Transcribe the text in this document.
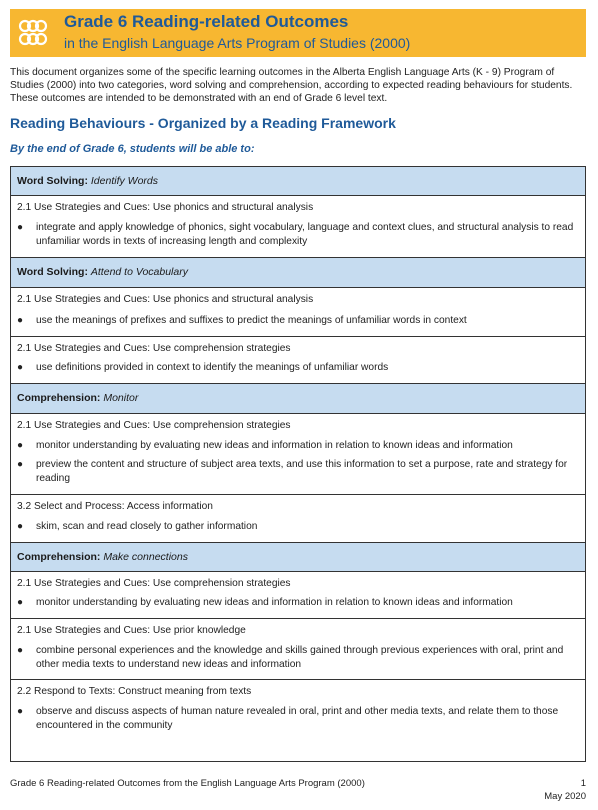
Grade 6 Reading-related Outcomes
in the English Language Arts Program of Studies (2000)
This document organizes some of the specific learning outcomes in the Alberta English Language Arts (K - 9) Program of Studies (2000) into two categories, word solving and comprehension, according to expected reading behaviours for students. These outcomes are intended to be demonstrated with an end of Grade 6 level text.
Reading Behaviours - Organized by a Reading Framework
By the end of Grade 6, students will be able to:
Word Solving: Identify Words
2.1 Use Strategies and Cues: Use phonics and structural analysis
●	integrate and apply knowledge of phonics, sight vocabulary, language and context clues, and structural analysis to read unfamiliar words in texts of increasing length and complexity
Word Solving: Attend to Vocabulary
2.1 Use Strategies and Cues: Use phonics and structural analysis
●	use the meanings of prefixes and suffixes to predict the meanings of unfamiliar words in context
2.1 Use Strategies and Cues: Use comprehension strategies
●	use definitions provided in context to identify the meanings of unfamiliar words
Comprehension: Monitor
2.1 Use Strategies and Cues: Use comprehension strategies
●	monitor understanding by evaluating new ideas and information in relation to known ideas and information
●	preview the content and structure of subject area texts, and use this information to set a purpose, rate and strategy for reading
3.2 Select and Process: Access information
●	skim, scan and read closely to gather information
Comprehension: Make connections
2.1 Use Strategies and Cues: Use comprehension strategies
●	monitor understanding by evaluating new ideas and information in relation to known ideas and information
2.1 Use Strategies and Cues: Use prior knowledge
●	combine personal experiences and the knowledge and skills gained through previous experiences with oral, print and other media texts to understand new ideas and information
2.2 Respond to Texts: Construct meaning from texts
●	observe and discuss aspects of human nature revealed in oral, print and other media texts, and relate them to those encountered in the community
Grade 6 Reading-related Outcomes from the English Language Arts Program (2000)	1
May 2020
